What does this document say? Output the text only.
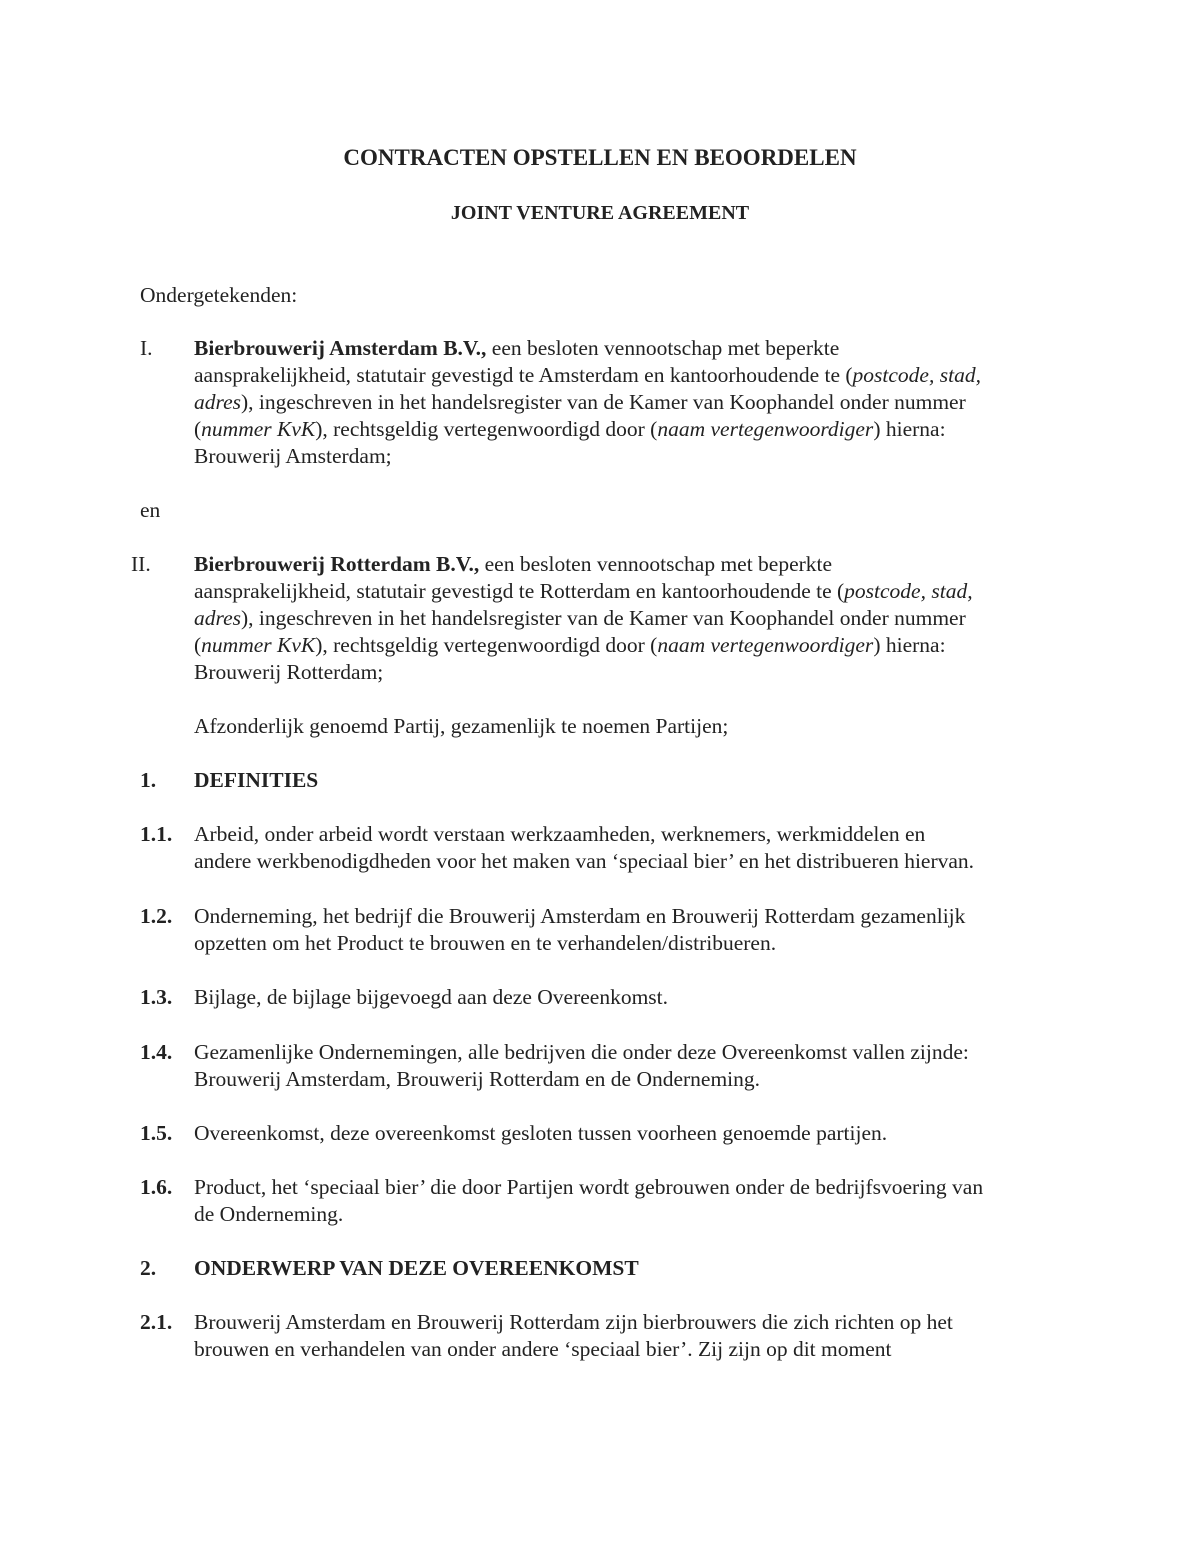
CONTRACTEN OPSTELLEN EN BEOORDELEN
JOINT VENTURE AGREEMENT
Ondergetekenden:
I. Bierbrouwerij Amsterdam B.V., een besloten vennootschap met beperkte
aansprakelijkheid, statutair gevestigd te Amsterdam en kantoorhoudende te (postcode, stad,
adres), ingeschreven in het handelsregister van de Kamer van Koophandel onder nummer
(nummer KvK), rechtsgeldig vertegenwoordigd door (naam vertegenwoordiger) hierna:
Brouwerij Amsterdam;
en
II. Bierbrouwerij Rotterdam B.V., een besloten vennootschap met beperkte
aansprakelijkheid, statutair gevestigd te Rotterdam en kantoorhoudende te (postcode, stad,
adres), ingeschreven in het handelsregister van de Kamer van Koophandel onder nummer
(nummer KvK), rechtsgeldig vertegenwoordigd door (naam vertegenwoordiger) hierna:
Brouwerij Rotterdam;
Afzonderlijk genoemd Partij, gezamenlijk te noemen Partijen;
1. DEFINITIES
1.1. Arbeid, onder arbeid wordt verstaan werkzaamheden, werknemers, werkmiddelen en
andere werkbenodigdheden voor het maken van ‘speciaal bier’ en het distribueren hiervan.
1.2. Onderneming, het bedrijf die Brouwerij Amsterdam en Brouwerij Rotterdam gezamenlijk
opzetten om het Product te brouwen en te verhandelen/distribueren.
1.3. Bijlage, de bijlage bijgevoegd aan deze Overeenkomst.
1.4. Gezamenlijke Ondernemingen, alle bedrijven die onder deze Overeenkomst vallen zijnde:
Brouwerij Amsterdam, Brouwerij Rotterdam en de Onderneming.
1.5. Overeenkomst, deze overeenkomst gesloten tussen voorheen genoemde partijen.
1.6. Product, het ‘speciaal bier’ die door Partijen wordt gebrouwen onder de bedrijfsvoering van
de Onderneming.
2. ONDERWERP VAN DEZE OVEREENKOMST
2.1. Brouwerij Amsterdam en Brouwerij Rotterdam zijn bierbrouwers die zich richten op het
brouwen en verhandelen van onder andere ‘speciaal bier’. Zij zijn op dit moment
